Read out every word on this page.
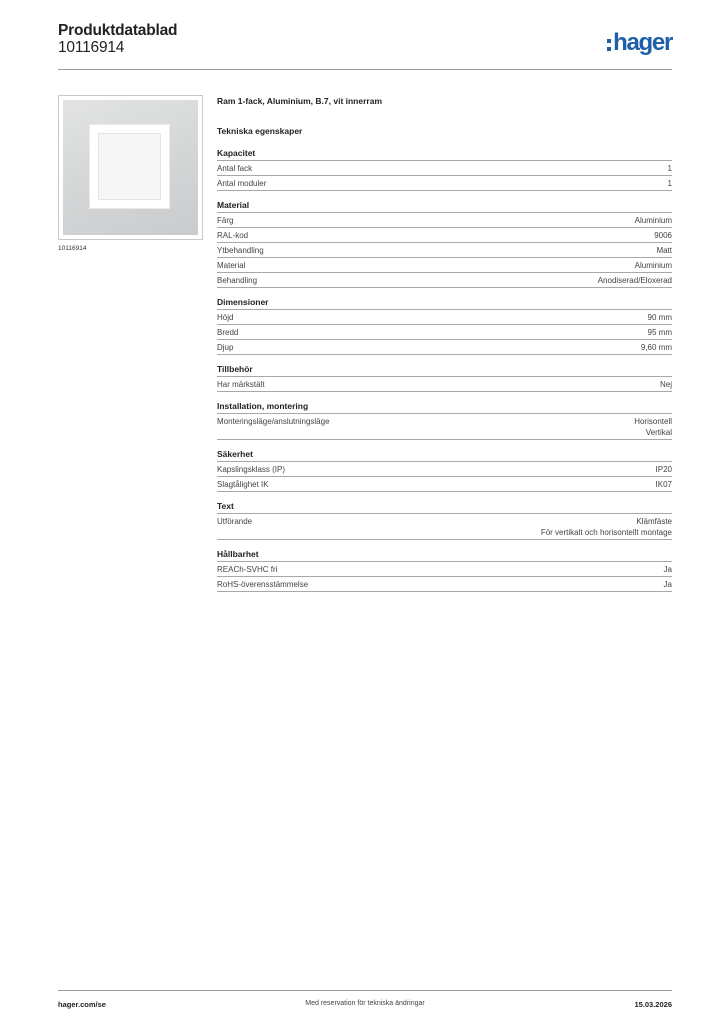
Produktdatablad
10116914	hager
10116914
Ram 1-fack, Aluminium, B.7, vit innerram
Tekniska egenskaper
Kapacitet
Antal fack	1
Antal moduler	1
Material
Färg	Aluminium
RAL-kod	9006
Ytbehandling	Matt
Material	Aluminium
Behandling	Anodiserad/Eloxerad
Dimensioner
Höjd	90 mm
Bredd	95 mm
Djup	9,60 mm
Tillbehör
Har märkstält	Nej
Installation, montering
Monteringsläge/anslutningsläge	Horisontell
Vertikal
Säkerhet
Kapslingsklass (IP)	IP20
Slagtålighet IK	IK07
Text
Utförande	Klämfäste
För vertikalt och horisontellt montage
Hållbarhet
REACh-SVHC fri	Ja
RoHS-överensstämmelse	Ja
hager.com/se	Med reservation för tekniska ändringar	15.03.2026
